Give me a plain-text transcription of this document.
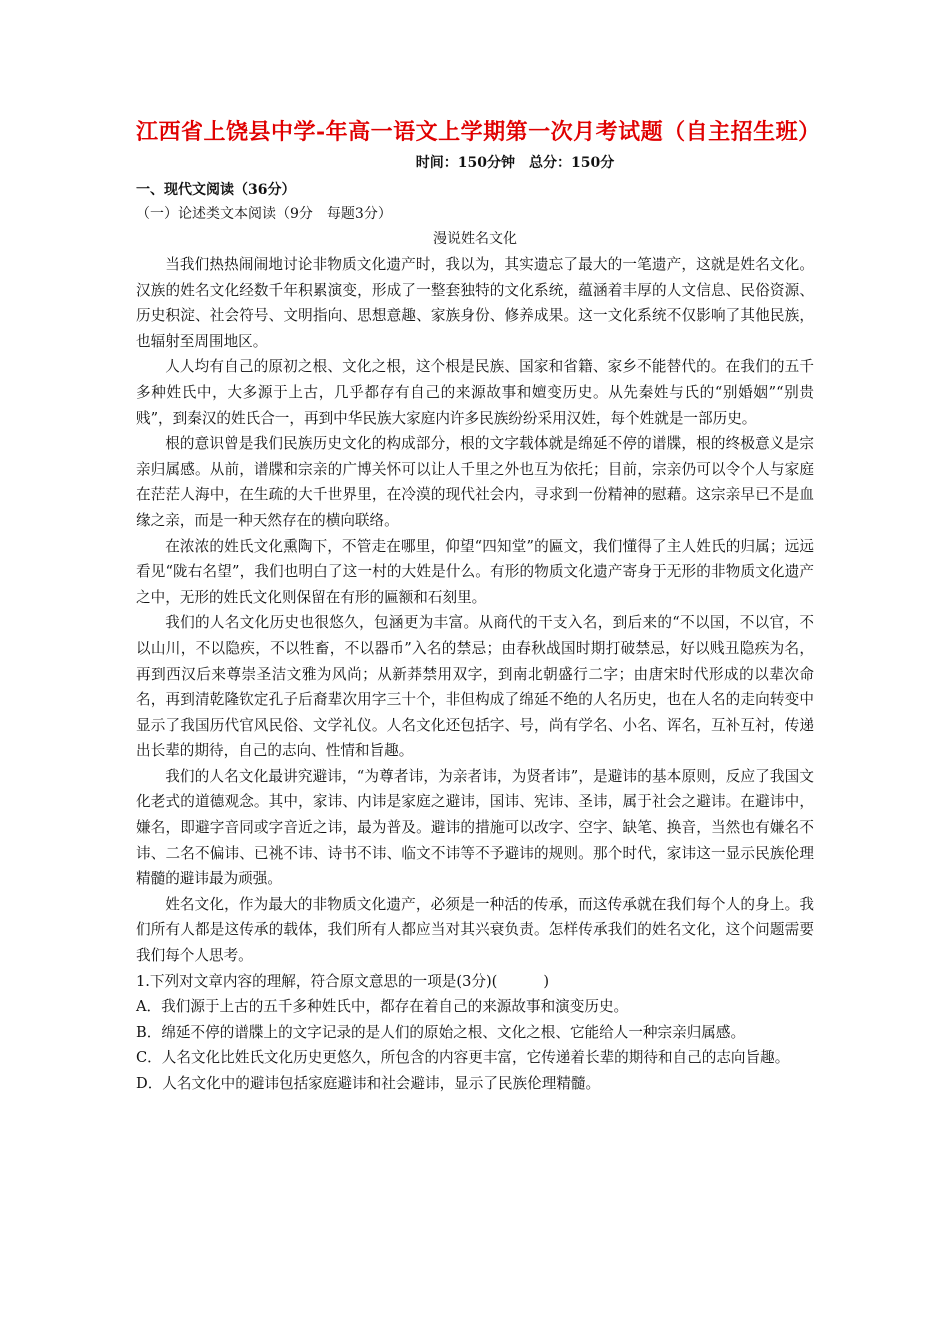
江西省上饶县中学-年高一语文上学期第一次月考试题（自主招生班）
时间：150分钟　总分：150分
一、现代文阅读（36分）
（一）论述类文本阅读（9分　每题3分）
漫说姓名文化

当我们热热闹闹地讨论非物质文化遗产时，我以为，其实遗忘了最大的一笔遗产，这就是姓名文化。汉族的姓名文化经数千年积累演变，形成了一整套独特的文化系统，蕴涵着丰厚的人文信息、民俗资源、历史积淀、社会符号、文明指向、思想意趣、家族身份、修养成果。这一文化系统不仅影响了其他民族，也辐射至周围地区。

人人均有自己的原初之根、文化之根，这个根是民族、国家和省籍、家乡不能替代的。在我们的五千多种姓氏中，大多源于上古，几乎都存有自己的来源故事和嬗变历史。从先秦姓与氏的“别婚姻”“别贵贱”，到秦汉的姓氏合一，再到中华民族大家庭内许多民族纷纷采用汉姓，每个姓就是一部历史。

根的意识曾是我们民族历史文化的构成部分，根的文字载体就是绵延不停的谱牒，根的终极意义是宗亲归属感。从前，谱牒和宗亲的广博关怀可以让人千里之外也互为依托；目前，宗亲仍可以令个人与家庭在茫茫人海中，在生疏的大千世界里，在冷漠的现代社会内，寻求到一份精神的慰藉。这宗亲早已不是血缘之亲，而是一种天然存在的横向联络。

在浓浓的姓氏文化熏陶下，不管走在哪里，仰望“四知堂”的匾文，我们懂得了主人姓氏的归属；远远看见“陇右名望”，我们也明白了这一村的大姓是什么。有形的物质文化遗产寄身于无形的非物质文化遗产之中，无形的姓氏文化则保留在有形的匾额和石刻里。

我们的人名文化历史也很悠久，包涵更为丰富。从商代的干支入名，到后来的“不以国，不以官，不以山川，不以隐疾，不以牲畜，不以器币”入名的禁忌；由春秋战国时期打破禁忌，好以贱丑隐疾为名，再到西汉后来尊崇圣洁文雅为风尚；从新莽禁用双字，到南北朝盛行二字；由唐宋时代形成的以辈次命名，再到清乾隆钦定孔子后裔辈次用字三十个，非但构成了绵延不绝的人名历史，也在人名的走向转变中显示了我国历代官风民俗、文学礼仪。人名文化还包括字、号，尚有学名、小名、诨名，互补互衬，传递出长辈的期待，自己的志向、性情和旨趣。

我们的人名文化最讲究避讳，“为尊者讳，为亲者讳，为贤者讳”，是避讳的基本原则，反应了我国文化老式的道德观念。其中，家讳、内讳是家庭之避讳，国讳、宪讳、圣讳，属于社会之避讳。在避讳中，嫌名，即避字音同或字音近之讳，最为普及。避讳的措施可以改字、空字、缺笔、换音，当然也有嫌名不讳、二名不偏讳、已祧不讳、诗书不讳、临文不讳等不予避讳的规则。那个时代，家讳这一显示民族伦理精髓的避讳最为顽强。

姓名文化，作为最大的非物质文化遗产，必须是一种活的传承，而这传承就在我们每个人的身上。我们所有人都是这传承的载体，我们所有人都应当对其兴衰负责。怎样传承我们的姓名文化，这个问题需要我们每个人思考。

1.下列对文章内容的理解，符合原文意思的一项是(3分)(	)

A．我们源于上古的五千多种姓氏中，都存在着自己的来源故事和演变历史。

B．绵延不停的谱牒上的文字记录的是人们的原始之根、文化之根、它能给人一种宗亲归属感。

C．人名文化比姓氏文化历史更悠久，所包含的内容更丰富，它传递着长辈的期待和自己的志向旨趣。

D．人名文化中的避讳包括家庭避讳和社会避讳，显示了民族伦理精髓。
